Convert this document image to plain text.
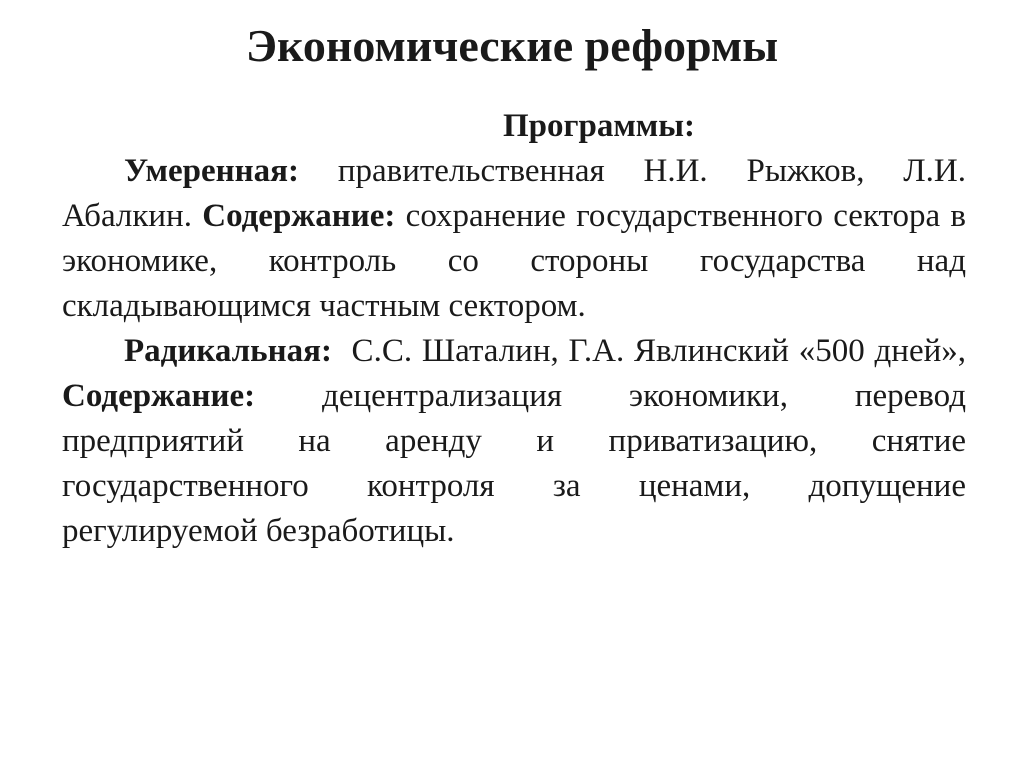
Экономические реформы

Программы:

Умеренная: правительственная Н.И. Рыжков, Л.И. Абалкин. Содержание: сохранение государственного сектора в экономике, контроль со стороны государства над складывающимся частным сектором.

Радикальная:  С.С. Шаталин, Г.А. Явлинский «500 дней», Содержание: децентрализация экономики, перевод предприятий на аренду и приватизацию, снятие государственного контроля за ценами, допущение регулируемой безработицы.
